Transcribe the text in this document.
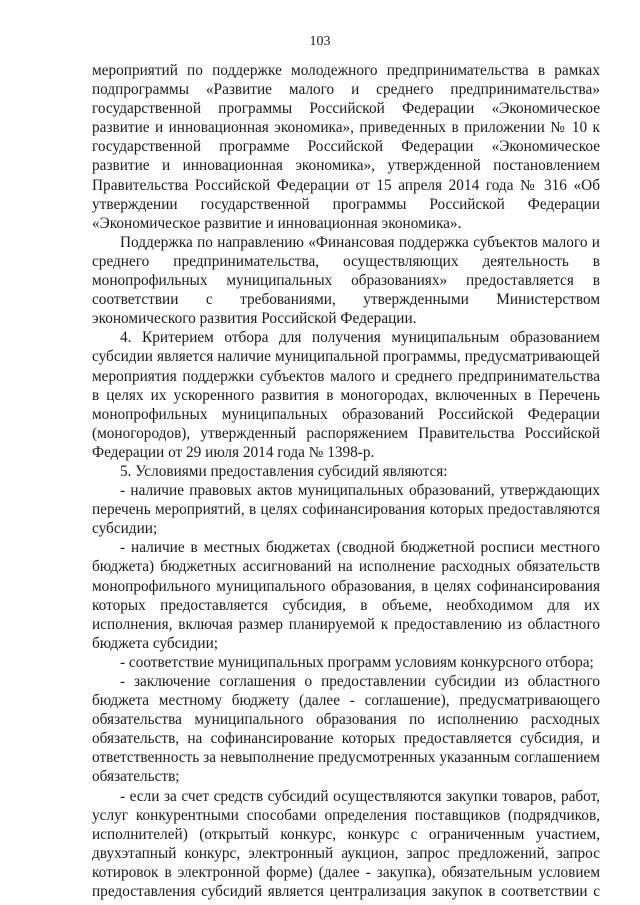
103
мероприятий по поддержке молодежного предпринимательства в рамках
подпрограммы «Развитие малого и среднего предпринимательства»
государственной программы Российской Федерации «Экономическое
развитие и инновационная экономика», приведенных в приложении № 10 к
государственной программе Российской Федерации «Экономическое
развитие и инновационная экономика», утвержденной постановлением
Правительства Российской Федерации от 15 апреля 2014 года № 316 «Об
утверждении государственной программы Российской Федерации
«Экономическое развитие и инновационная экономика».
Поддержка по направлению «Финансовая поддержка субъектов малого и
среднего предпринимательства, осуществляющих деятельность в
монопрофильных муниципальных образованиях» предоставляется в
соответствии с требованиями, утвержденными Министерством
экономического развития Российской Федерации.
4. Критерием отбора для получения муниципальным образованием
субсидии является наличие муниципальной программы, предусматривающей
мероприятия поддержки субъектов малого и среднего предпринимательства
в целях их ускоренного развития в моногородах, включенных в Перечень
монопрофильных муниципальных образований Российской Федерации
(моногородов), утвержденный распоряжением Правительства Российской
Федерации от 29 июля 2014 года № 1398-р.
5. Условиями предоставления субсидий являются:
- наличие правовых актов муниципальных образований, утверждающих
перечень мероприятий, в целях софинансирования которых предоставляются
субсидии;
- наличие в местных бюджетах (сводной бюджетной росписи местного
бюджета) бюджетных ассигнований на исполнение расходных обязательств
монопрофильного муниципального образования, в целях софинансирования
которых предоставляется субсидия, в объеме, необходимом для их
исполнения, включая размер планируемой к предоставлению из областного
бюджета субсидии;
- соответствие муниципальных программ условиям конкурсного отбора;
- заключение соглашения о предоставлении субсидии из областного
бюджета местному бюджету (далее - соглашение), предусматривающего
обязательства муниципального образования по исполнению расходных
обязательств, на софинансирование которых предоставляется субсидия, и
ответственность за невыполнение предусмотренных указанным соглашением
обязательств;
- если за счет средств субсидий осуществляются закупки товаров, работ,
услуг конкурентными способами определения поставщиков (подрядчиков,
исполнителей) (открытый конкурс, конкурс с ограниченным участием,
двухэтапный конкурс, электронный аукцион, запрос предложений, запрос
котировок в электронной форме) (далее - закупка), обязательным условием
предоставления субсидий является централизация закупок в соответствии с
